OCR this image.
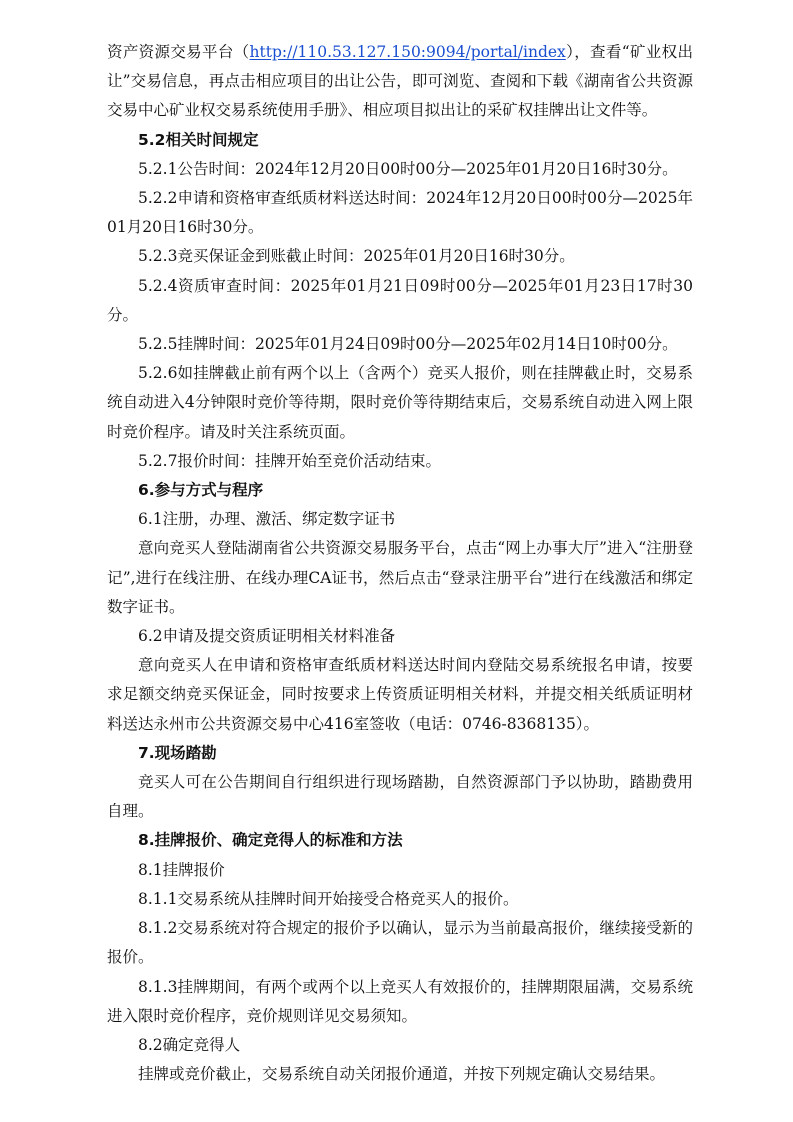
资产资源交易平台（http://110.53.127.150:9094/portal/index），查看“矿业权出让”交易信息，再点击相应项目的出让公告，即可浏览、查阅和下载《湖南省公共资源交易中心矿业权交易系统使用手册》、相应项目拟出让的采矿权挂牌出让文件等。

5.2相关时间规定

5.2.1公告时间：2024年12月20日00时00分—2025年01月20日16时30分。

5.2.2申请和资格审查纸质材料送达时间：2024年12月20日00时00分—2025年01月20日16时30分。

5.2.3竞买保证金到账截止时间：2025年01月20日16时30分。

5.2.4资质审查时间：2025年01月21日09时00分—2025年01月23日17时30分。

5.2.5挂牌时间：2025年01月24日09时00分—2025年02月14日10时00分。

5.2.6如挂牌截止前有两个以上（含两个）竞买人报价，则在挂牌截止时，交易系统自动进入4分钟限时竞价等待期，限时竞价等待期结束后，交易系统自动进入网上限时竞价程序。请及时关注系统页面。

5.2.7报价时间：挂牌开始至竞价活动结束。

6.参与方式与程序

6.1注册，办理、激活、绑定数字证书

意向竞买人登陆湖南省公共资源交易服务平台，点击“网上办事大厅”进入“注册登记”,进行在线注册、在线办理CA证书，然后点击“登录注册平台”进行在线激活和绑定数字证书。

6.2申请及提交资质证明相关材料准备

意向竞买人在申请和资格审查纸质材料送达时间内登陆交易系统报名申请，按要求足额交纳竞买保证金，同时按要求上传资质证明相关材料，并提交相关纸质证明材料送达永州市公共资源交易中心416室签收（电话：0746-8368135）。

7.现场踏勘

竞买人可在公告期间自行组织进行现场踏勘，自然资源部门予以协助，踏勘费用自理。

8.挂牌报价、确定竞得人的标准和方法

8.1挂牌报价

8.1.1交易系统从挂牌时间开始接受合格竞买人的报价。

8.1.2交易系统对符合规定的报价予以确认，显示为当前最高报价，继续接受新的报价。

8.1.3挂牌期间，有两个或两个以上竞买人有效报价的，挂牌期限届满，交易系统进入限时竞价程序，竞价规则详见交易须知。

8.2确定竞得人

挂牌或竞价截止，交易系统自动关闭报价通道，并按下列规定确认交易结果。
